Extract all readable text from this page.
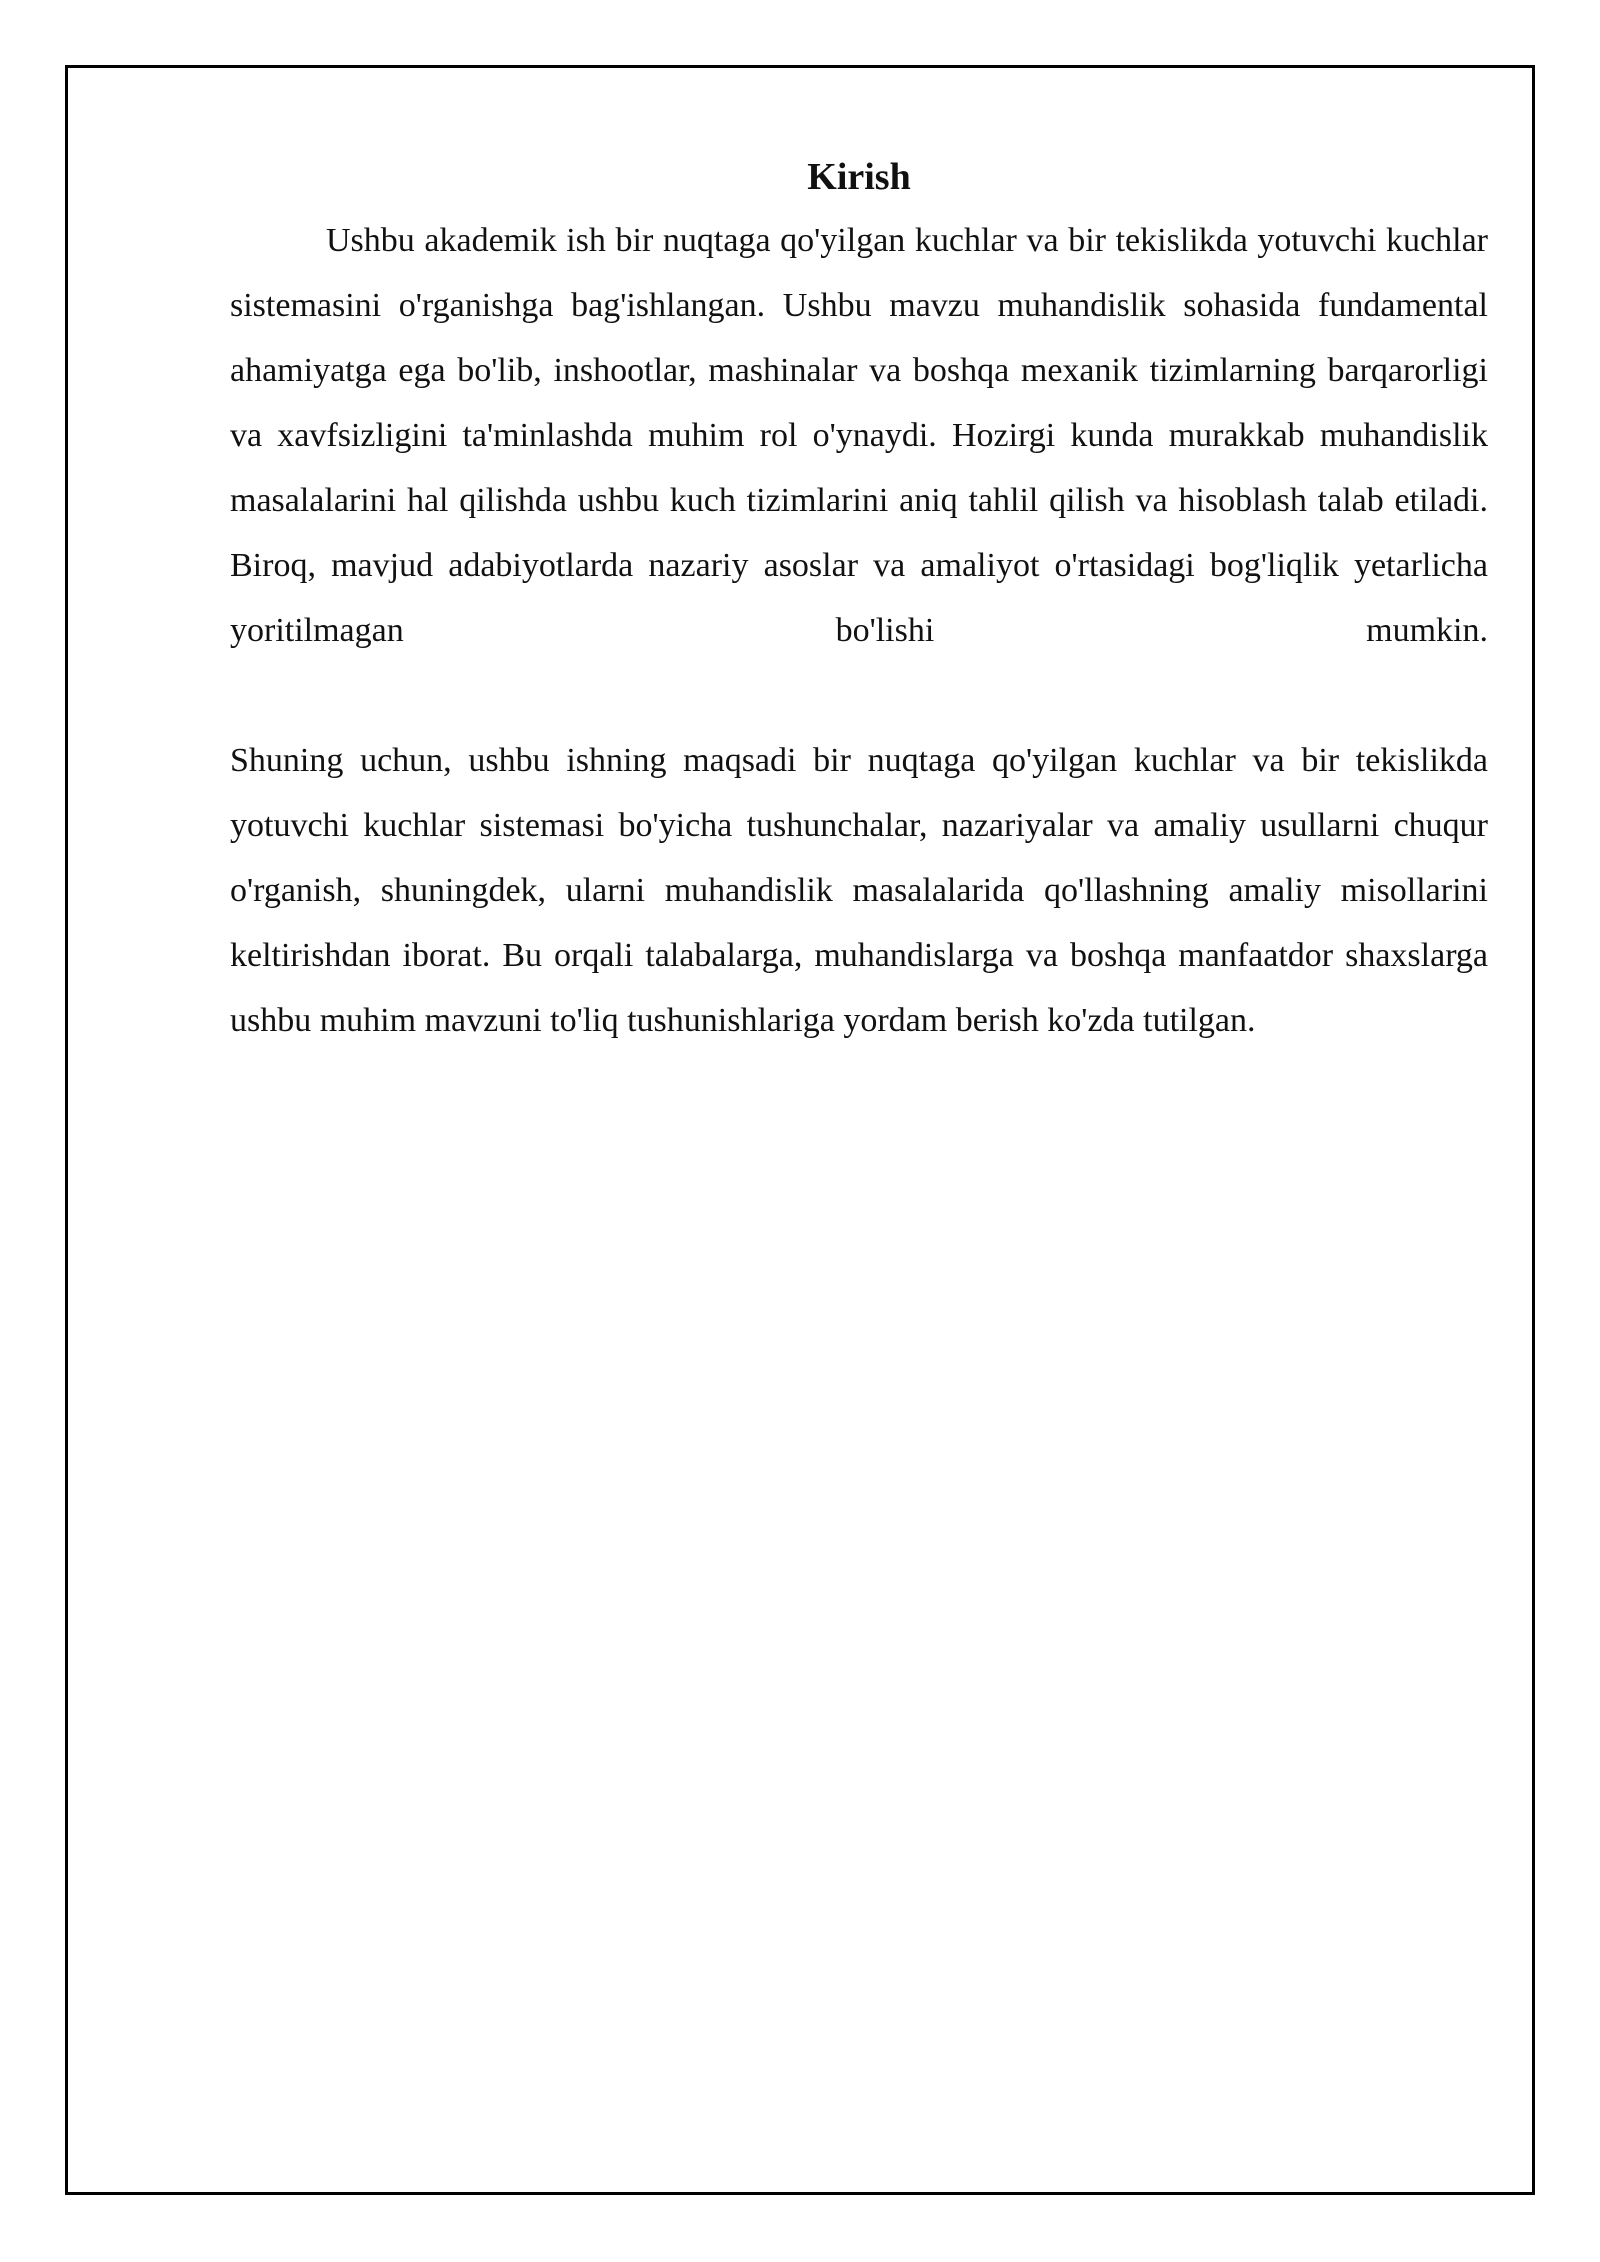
Kirish

Ushbu akademik ish bir nuqtaga qo'yilgan kuchlar va bir tekislikda yotuvchi kuchlar sistemasini o'rganishga bag'ishlangan. Ushbu mavzu muhandislik sohasida fundamental ahamiyatga ega bo'lib, inshootlar, mashinalar va boshqa mexanik tizimlarning barqarorligi va xavfsizligini ta'minlashda muhim rol o'ynaydi. Hozirgi kunda murakkab muhandislik masalalarini hal qilishda ushbu kuch tizimlarini aniq tahlil qilish va hisoblash talab etiladi. Biroq, mavjud adabiyotlarda nazariy asoslar va amaliyot o'rtasidagi bog'liqlik yetarlicha yoritilmagan bo'lishi mumkin.

Shuning uchun, ushbu ishning maqsadi bir nuqtaga qo'yilgan kuchlar va bir tekislikda yotuvchi kuchlar sistemasi bo'yicha tushunchalar, nazariyalar va amaliy usullarni chuqur o'rganish, shuningdek, ularni muhandislik masalalarida qo'llashning amaliy misollarini keltirishdan iborat. Bu orqali talabalarga, muhandislarga va boshqa manfaatdor shaxslarga ushbu muhim mavzuni to'liq tushunishlariga yordam berish ko'zda tutilgan.
